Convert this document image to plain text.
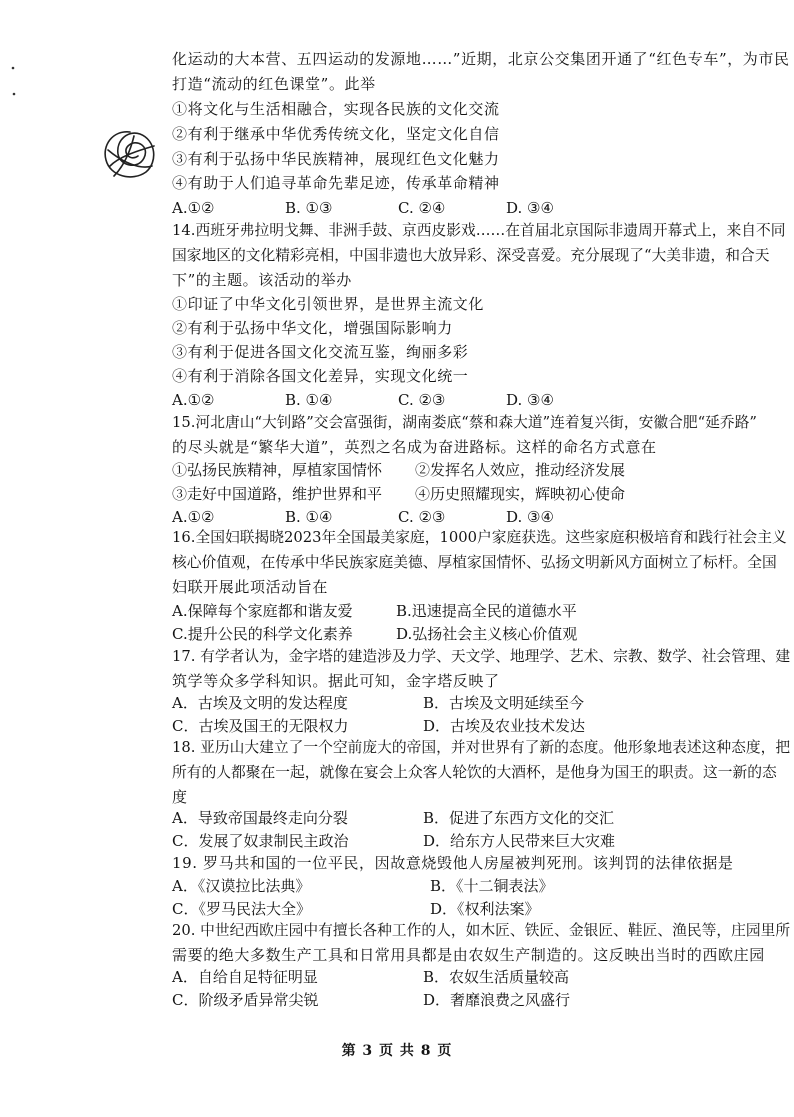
化运动的大本营、五四运动的发源地……”近期，北京公交集团开通了“红色专车”，为市民
打造“流动的红色课堂”。此举
①将文化与生活相融合，实现各民族的文化交流
②有利于继承中华优秀传统文化，坚定文化自信
③有利于弘扬中华民族精神，展现红色文化魅力
④有助于人们追寻革命先辈足迹，传承革命精神
A.①②	B. ①③	C. ②④	D. ③④
14.西班牙弗拉明戈舞、非洲手鼓、京西皮影戏……在首届北京国际非遗周开幕式上，来自不同
国家地区的文化精彩亮相，中国非遗也大放异彩、深受喜爱。充分展现了“大美非遗，和合天
下”的主题。该活动的举办
①印证了中华文化引领世界，是世界主流文化
②有利于弘扬中华文化，增强国际影响力
③有利于促进各国文化交流互鉴，绚丽多彩
④有利于消除各国文化差异，实现文化统一
A.①②	B. ①④	C. ②③	D. ③④
15.河北唐山“大钊路”交会富强街，湖南娄底“蔡和森大道”连着复兴街，安徽合肥“延乔路”
的尽头就是“繁华大道”，英烈之名成为奋进路标。这样的命名方式意在
①弘扬民族精神，厚植家国情怀 ②发挥名人效应，推动经济发展
③走好中国道路，维护世界和平 ④历史照耀现实，辉映初心使命
A.①②	B. ①④	C. ②③	D. ③④
16.全国妇联揭晓2023年全国最美家庭，1000户家庭获选。这些家庭积极培育和践行社会主义
核心价值观，在传承中华民族家庭美德、厚植家国情怀、弘扬文明新风方面树立了标杆。全国
妇联开展此项活动旨在
A.保障每个家庭都和谐友爱	B.迅速提高全民的道德水平
C.提升公民的科学文化素养	D.弘扬社会主义核心价值观
17. 有学者认为，金字塔的建造涉及力学、天文学、地理学、艺术、宗教、数学、社会管理、建
筑学等众多学科知识。据此可知，金字塔反映了
A．古埃及文明的发达程度	B．古埃及文明延续至今
C．古埃及国王的无限权力	D．古埃及农业技术发达
18. 亚历山大建立了一个空前庞大的帝国，并对世界有了新的态度。他形象地表述这种态度，把
所有的人都聚在一起，就像在宴会上众客人轮饮的大酒杯，是他身为国王的职责。这一新的态
度
A．导致帝国最终走向分裂	B．促进了东西方文化的交汇
C．发展了奴隶制民主政治	D．给东方人民带来巨大灾难
19. 罗马共和国的一位平民，因故意烧毁他人房屋被判死刑。该判罚的法律依据是
A．《汉谟拉比法典》	B．《十二铜表法》
C．《罗马民法大全》	D．《权利法案》
20. 中世纪西欧庄园中有擅长各种工作的人，如木匠、铁匠、金银匠、鞋匠、渔民等，庄园里所
需要的绝大多数生产工具和日常用具都是由农奴生产制造的。这反映出当时的西欧庄园
A．自给自足特征明显	B．农奴生活质量较高
C．阶级矛盾异常尖锐	D．奢靡浪费之风盛行
第 3 页 共 8 页
